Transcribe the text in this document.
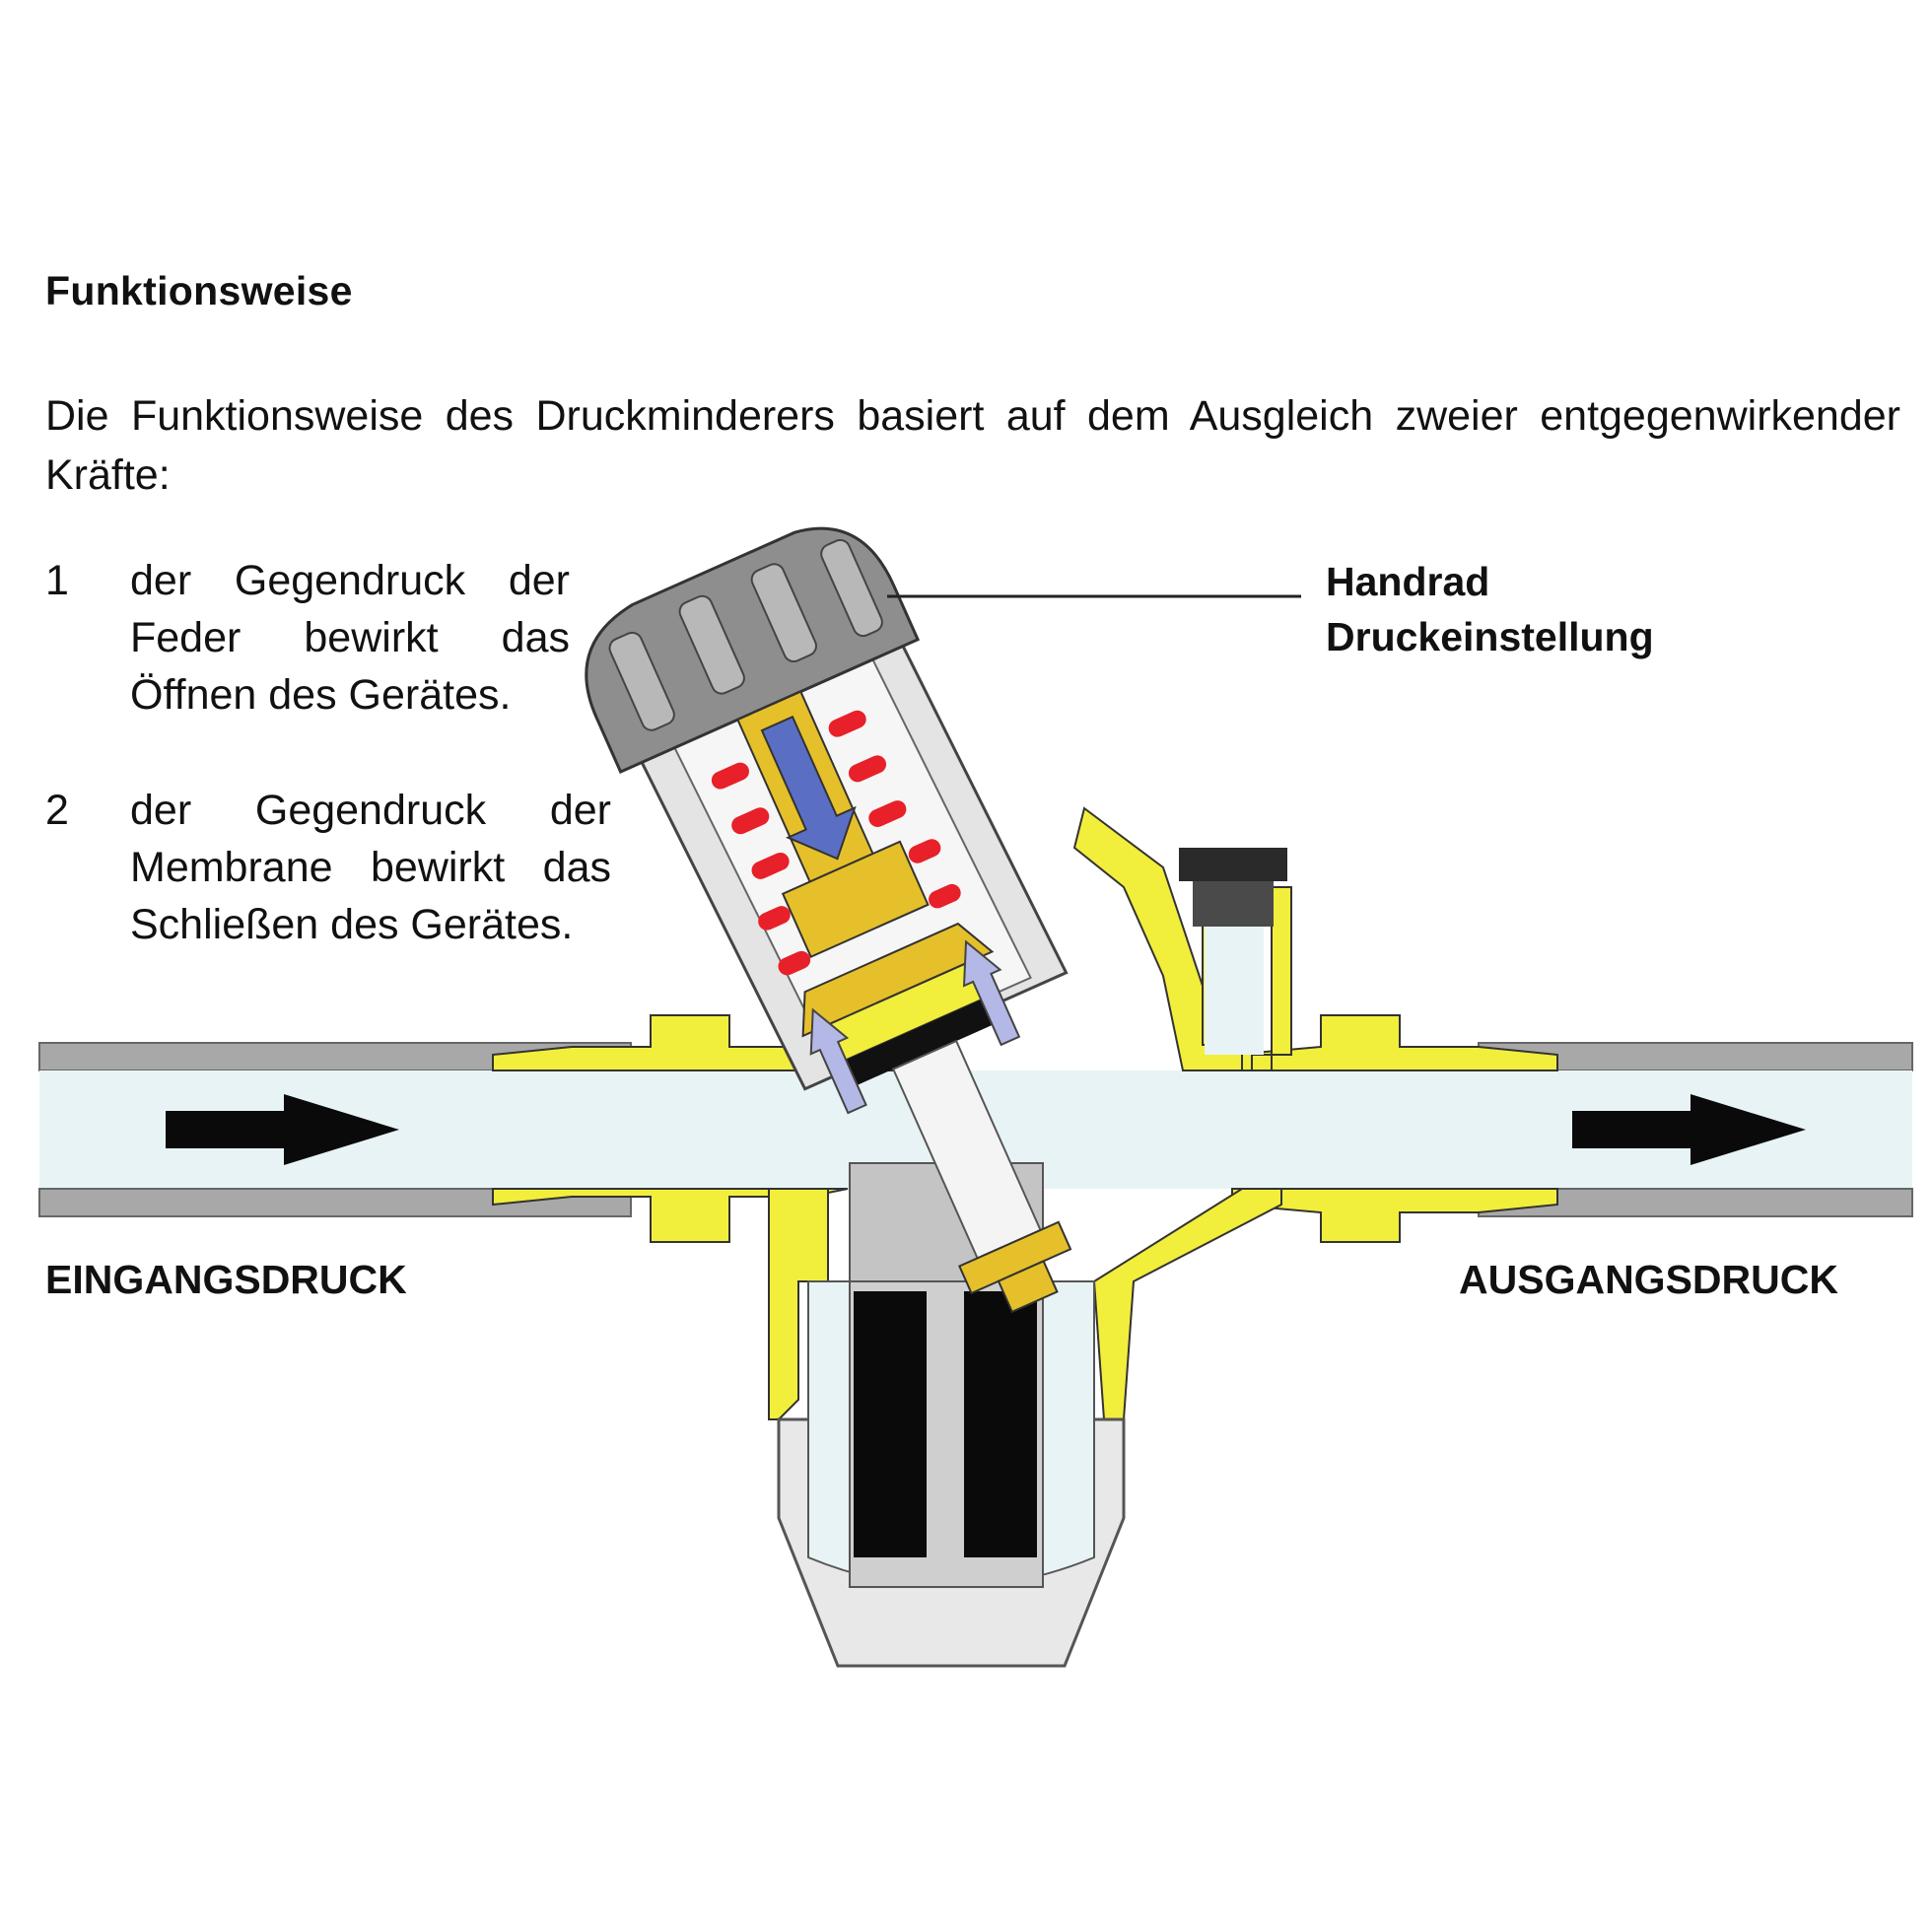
Funktionsweise
Die Funktionsweise des Druckminderers basiert auf dem Ausgleich zweier entgegenwirkender Kräfte:
1 der Gegendruck der Feder bewirkt das Öffnen des Gerätes.
2 der Gegendruck der Membrane bewirkt das Schließen des Gerätes.
Handrad
Druckeinstellung
EINGANGSDRUCK	AUSGANGSDRUCK
